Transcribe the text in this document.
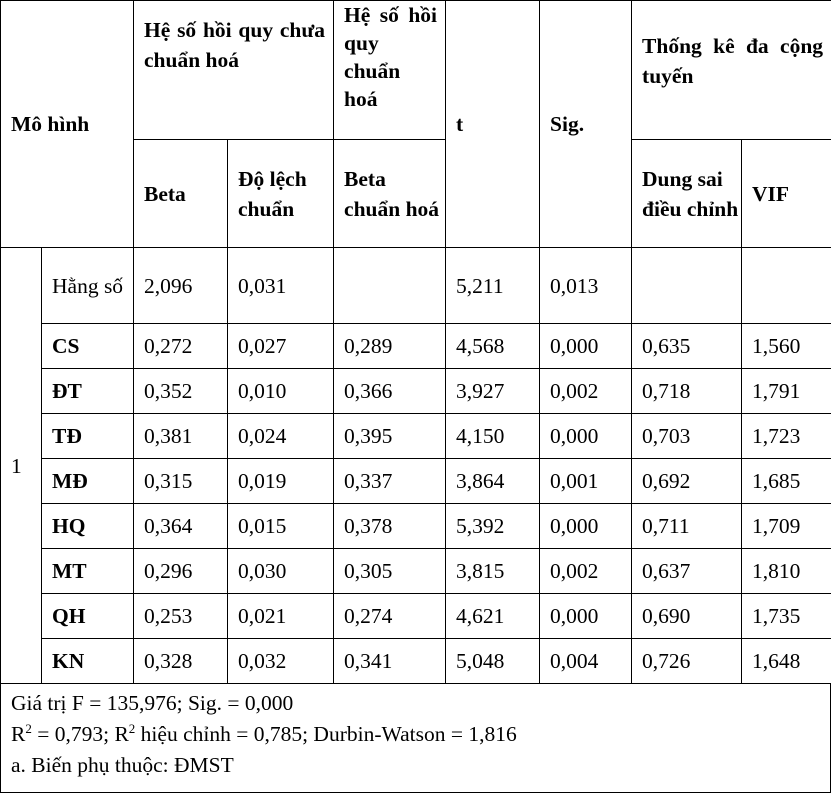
Mô hình		Hệ số hồi quy chưa chuẩn hoá		Hệ số hồi quy chuẩn hoá	t	Sig.	Thống kê đa cộng tuyến	
		Beta	Độ lệch chuẩn	Beta chuẩn hoá			Dung sai điều chỉnh	VIF
1	Hằng số	2,096	0,031		5,211	0,013		
	CS	0,272	0,027	0,289	4,568	0,000	0,635	1,560
	ĐT	0,352	0,010	0,366	3,927	0,002	0,718	1,791
	TĐ	0,381	0,024	0,395	4,150	0,000	0,703	1,723
	MĐ	0,315	0,019	0,337	3,864	0,001	0,692	1,685
	HQ	0,364	0,015	0,378	5,392	0,000	0,711	1,709
	MT	0,296	0,030	0,305	3,815	0,002	0,637	1,810
	QH	0,253	0,021	0,274	4,621	0,000	0,690	1,735
	KN	0,328	0,032	0,341	5,048	0,004	0,726	1,648
Giá trị F = 135,976; Sig. = 0,000
$R^2 = 0,793$; $R^2$ hiệu chỉnh = 0,785; Durbin-Watson = 1,816
a. Biến phụ thuộc: ĐMST
